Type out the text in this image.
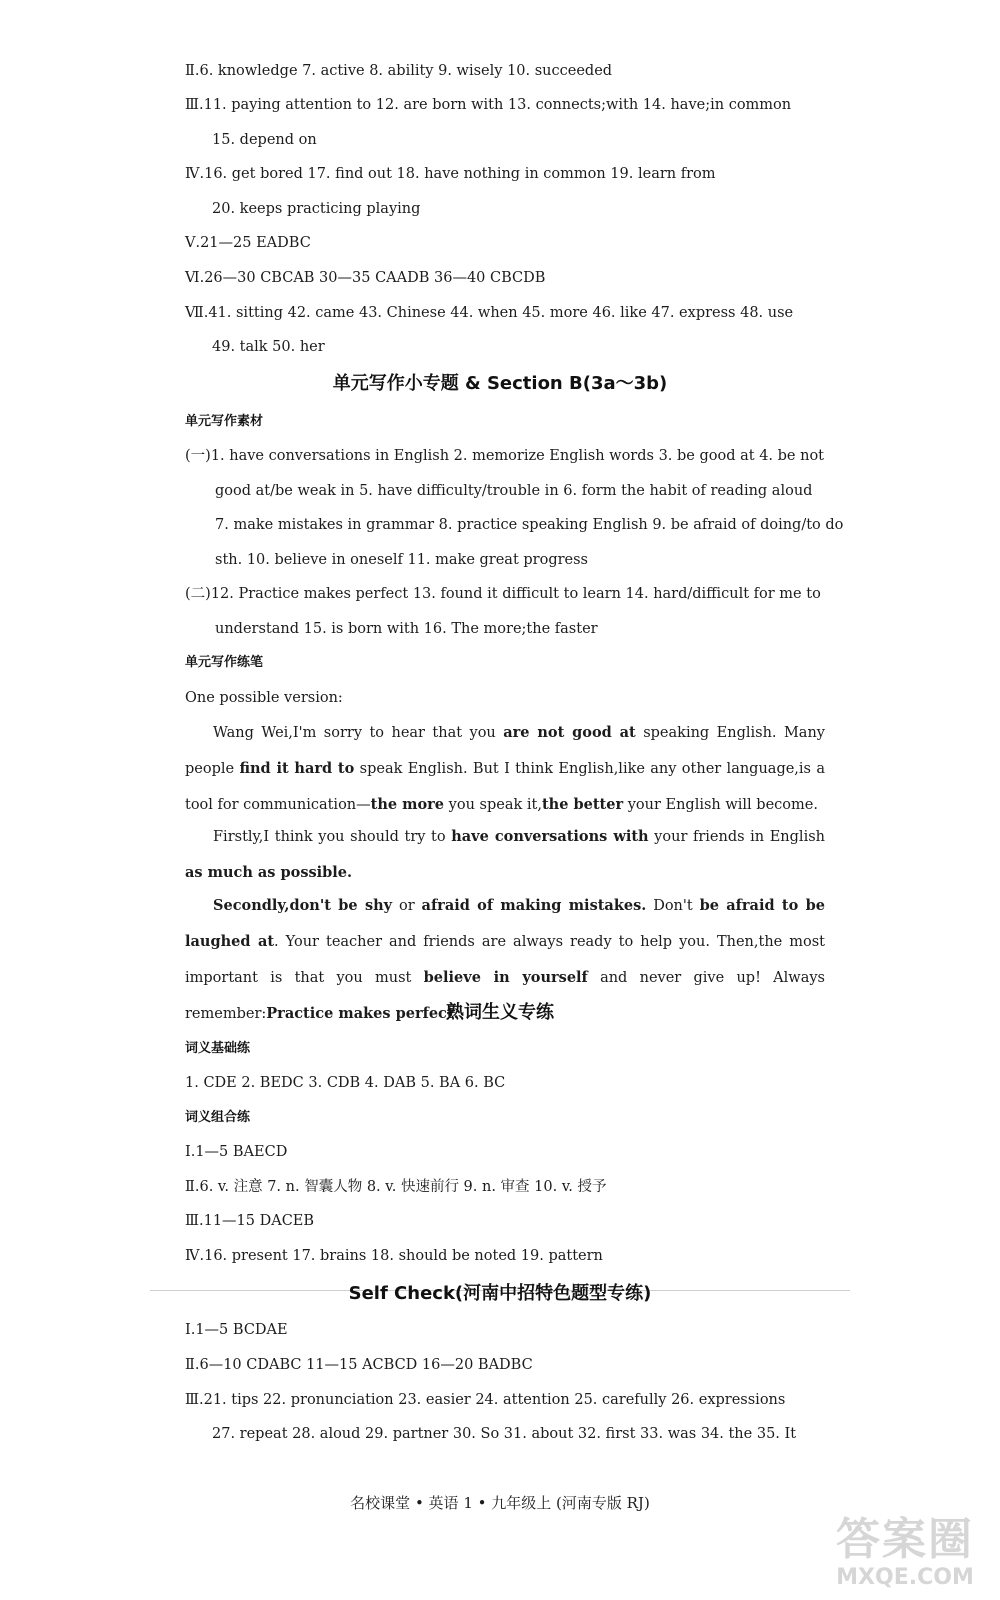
Ⅱ.6. knowledge 7. active 8. ability 9. wisely 10. succeeded
Ⅲ.11. paying attention to 12. are born with 13. connects;with 14. have;in common
15. depend on
Ⅳ.16. get bored 17. find out 18. have nothing in common 19. learn from
20. keeps practicing playing
Ⅴ.21—25 EADBC
Ⅵ.26—30 CBCAB 30—35 CAADB 36—40 CBCDB
Ⅶ.41. sitting 42. came 43. Chinese 44. when 45. more 46. like 47. express 48. use
49. talk 50. her
单元写作小专题 & Section B(3a～3b)
单元写作素材
(一)1. have conversations in English 2. memorize English words 3. be good at 4. be not
good at/be weak in 5. have difficulty/trouble in 6. form the habit of reading aloud
7. make mistakes in grammar 8. practice speaking English 9. be afraid of doing/to do
sth. 10. believe in oneself 11. make great progress
(二)12. Practice makes perfect 13. found it difficult to learn 14. hard/difficult for me to
understand 15. is born with 16. The more;the faster
单元写作练笔
One possible version:
Wang Wei,I'm sorry to hear that you are not good at speaking English. Many people find it hard to speak English. But I think English,like any other language,is a tool for communication—the more you speak it,the better your English will become.
Firstly,I think you should try to have conversations with your friends in English as much as possible.
Secondly,don't be shy or afraid of making mistakes. Don't be afraid to be laughed at. Your teacher and friends are always ready to help you. Then,the most important is that you must believe in yourself and never give up! Always remember:Practice makes perfect.
熟词生义专练
词义基础练
1. CDE 2. BEDC 3. CDB 4. DAB 5. BA 6. BC
词义组合练
Ⅰ.1—5 BAECD
Ⅱ.6. v. 注意 7. n. 智囊人物 8. v. 快速前行 9. n. 审查 10. v. 授予
Ⅲ.11—15 DACEB
Ⅳ.16. present 17. brains 18. should be noted 19. pattern
Self Check(河南中招特色题型专练)
Ⅰ.1—5 BCDAE
Ⅱ.6—10 CDABC 11—15 ACBCD 16—20 BADBC
Ⅲ.21. tips 22. pronunciation 23. easier 24. attention 25. carefully 26. expressions
27. repeat 28. aloud 29. partner 30. So 31. about 32. first 33. was 34. the 35. It
名校课堂 • 英语 1 • 九年级上 (河南专版 RJ)
答案圈
MXQE.COM
